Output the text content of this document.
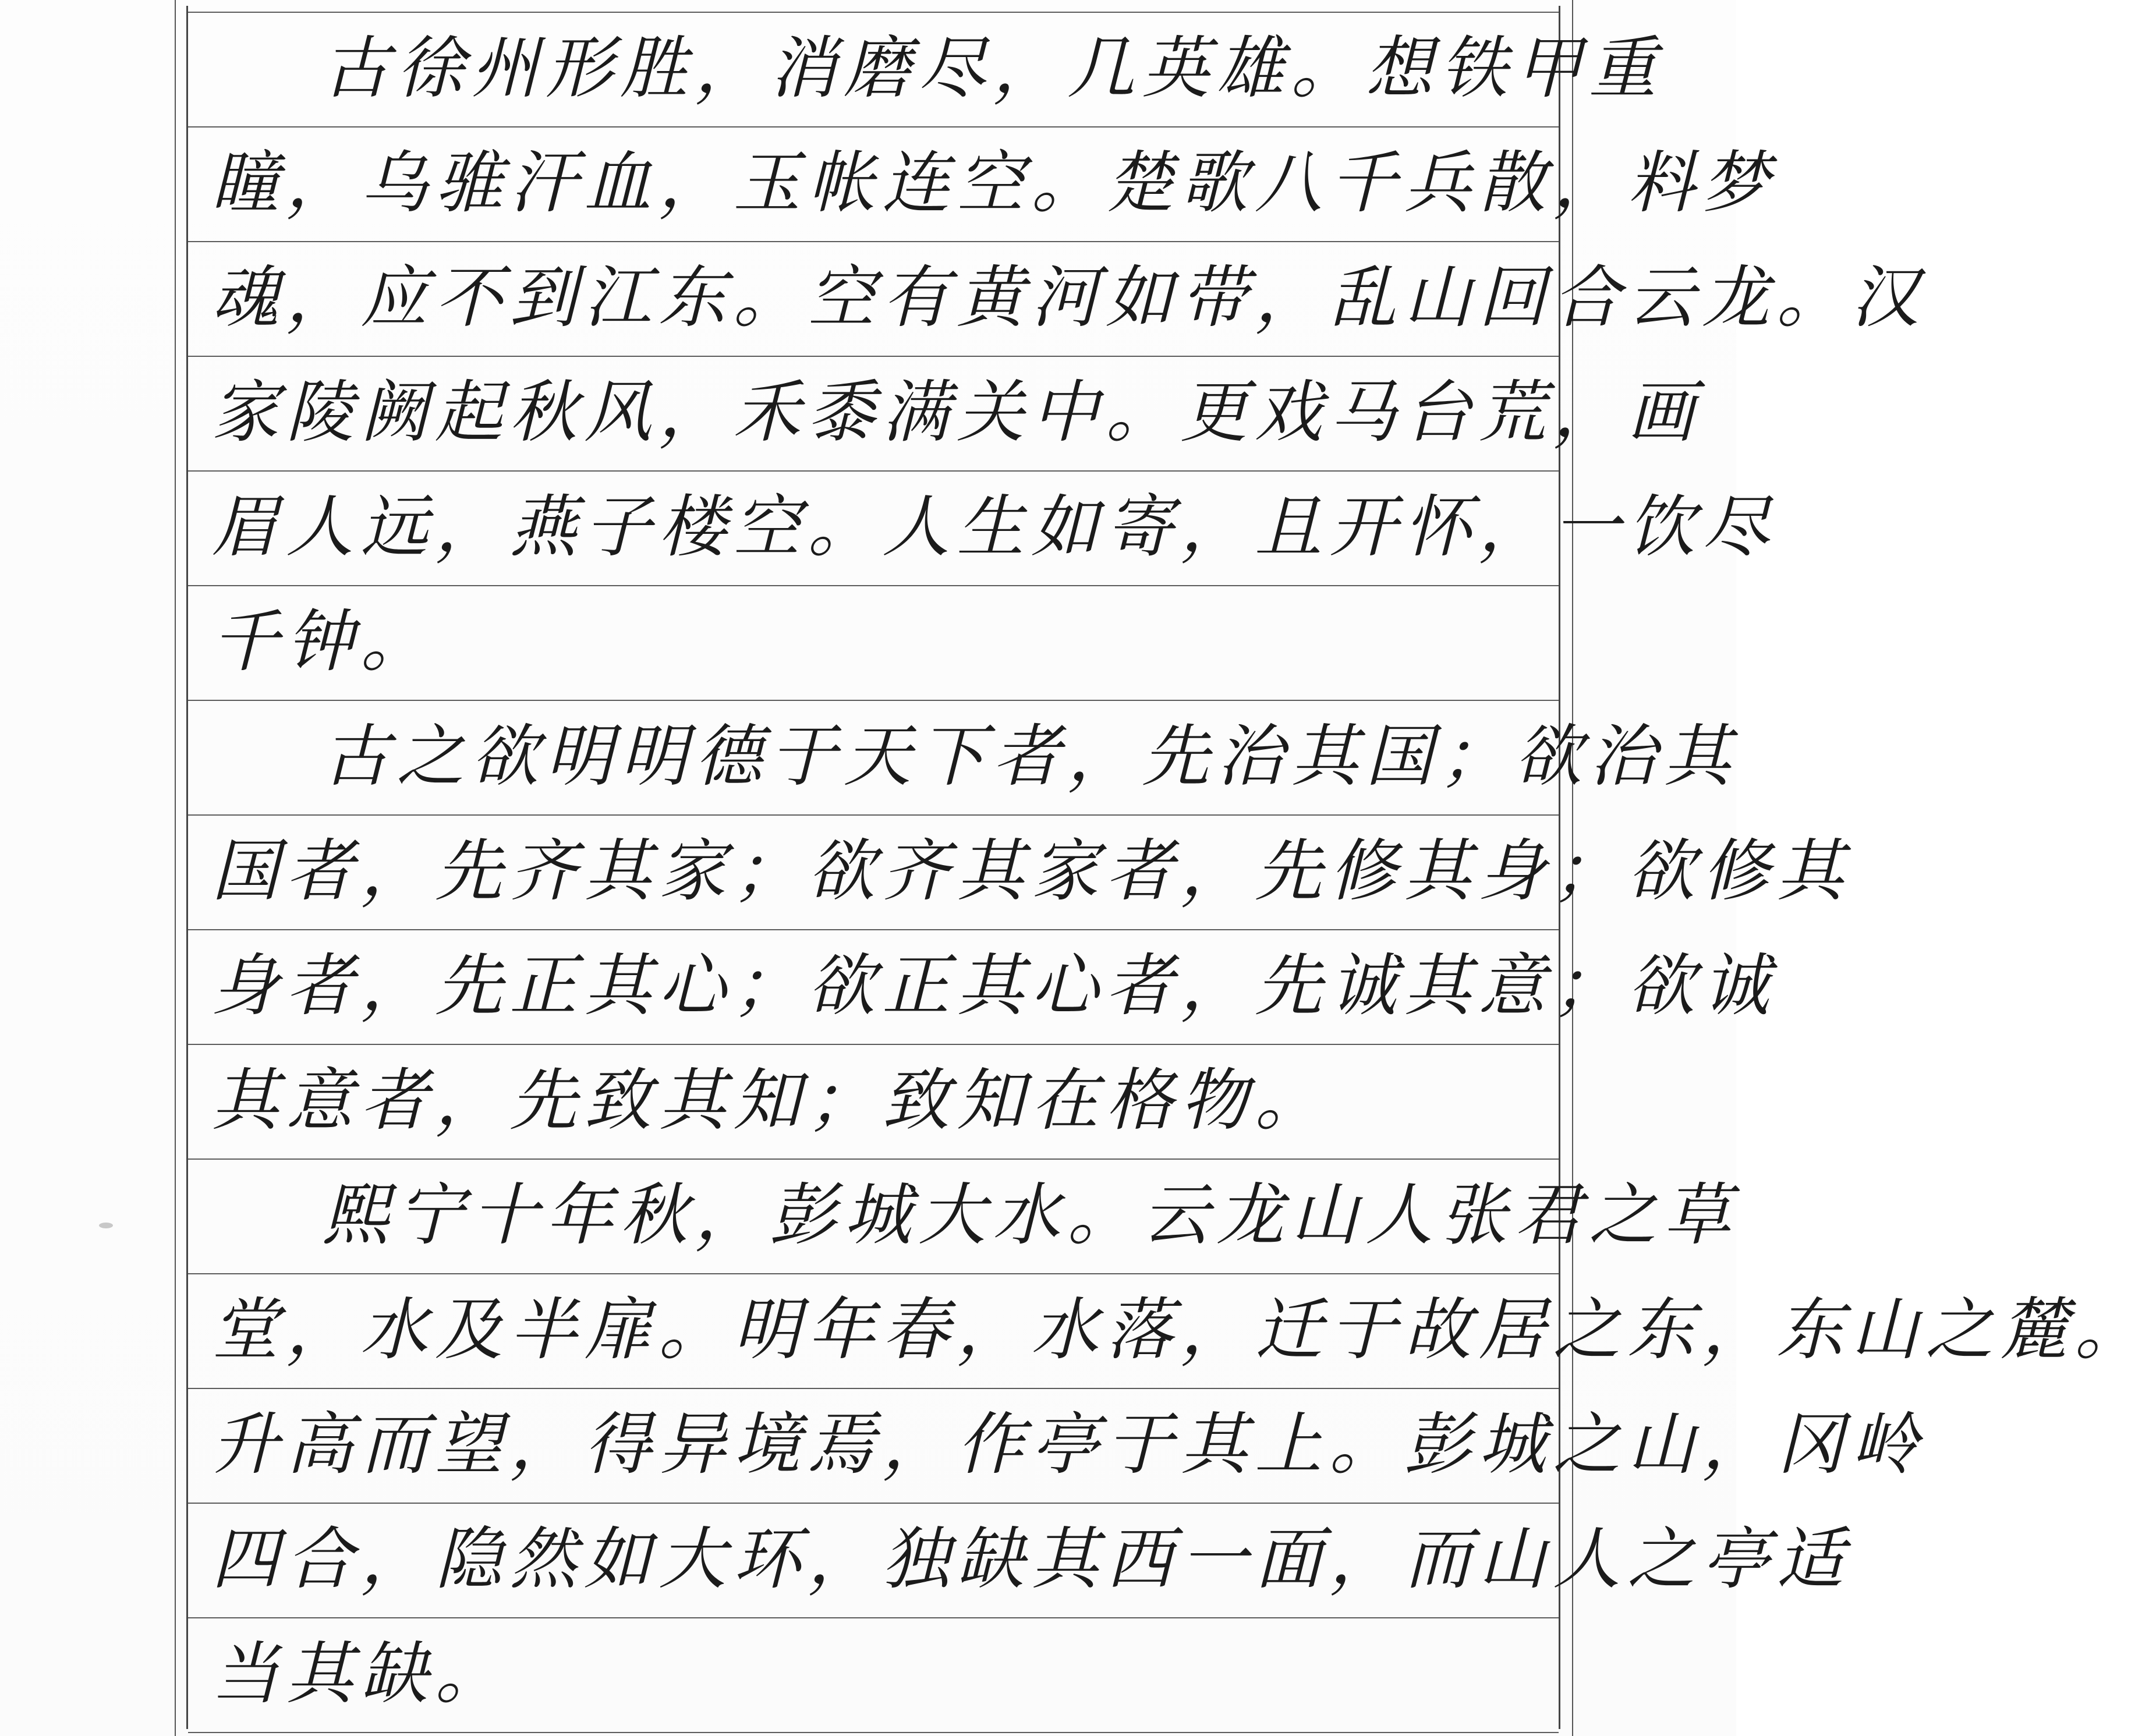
古徐州形胜，消磨尽，几英雄。想铁甲重
瞳，乌骓汗血，玉帐连空。楚歌八千兵散，料梦
魂，应不到江东。空有黄河如带，乱山回合云龙。汉
家陵阙起秋风，禾黍满关中。更戏马台荒，画
眉人远，燕子楼空。人生如寄，且开怀，一饮尽
千钟。
古之欲明明德于天下者，先治其国；欲治其
国者，先齐其家；欲齐其家者，先修其身；欲修其
身者，先正其心；欲正其心者，先诚其意；欲诚
其意者，先致其知；致知在格物。
熙宁十年秋，彭城大水。云龙山人张君之草
堂，水及半扉。明年春，水落，迁于故居之东，东山之麓。
升高而望，得异境焉，作亭于其上。彭城之山，冈岭
四合，隐然如大环，独缺其西一面，而山人之亭适
当其缺。
